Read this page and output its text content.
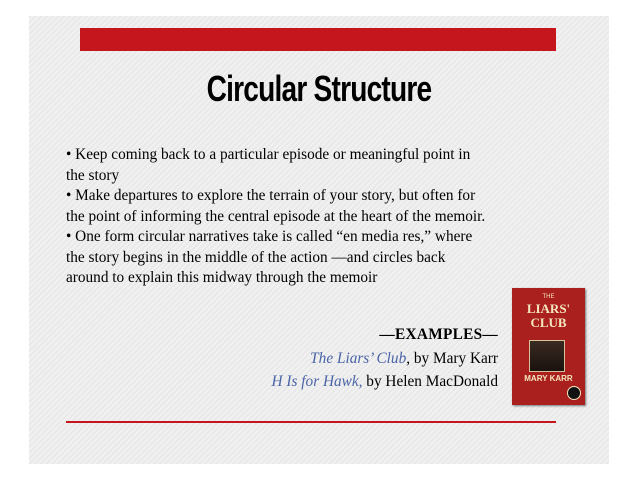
Circular Structure

• Keep coming back to a particular episode or meaningful point in the story

• Make departures to explore the terrain of your story, but often for the point of informing the central episode at the heart of the memoir.

• One form circular narratives take is called “en media res,” where the story begins in the middle of the action —and circles back around to explain this midway through the memoir

—EXAMPLES—
The Liars’ Club, by Mary Karr
H Is for Hawk, by Helen MacDonald
THE
LIARS' CLUB
MARY KARR
